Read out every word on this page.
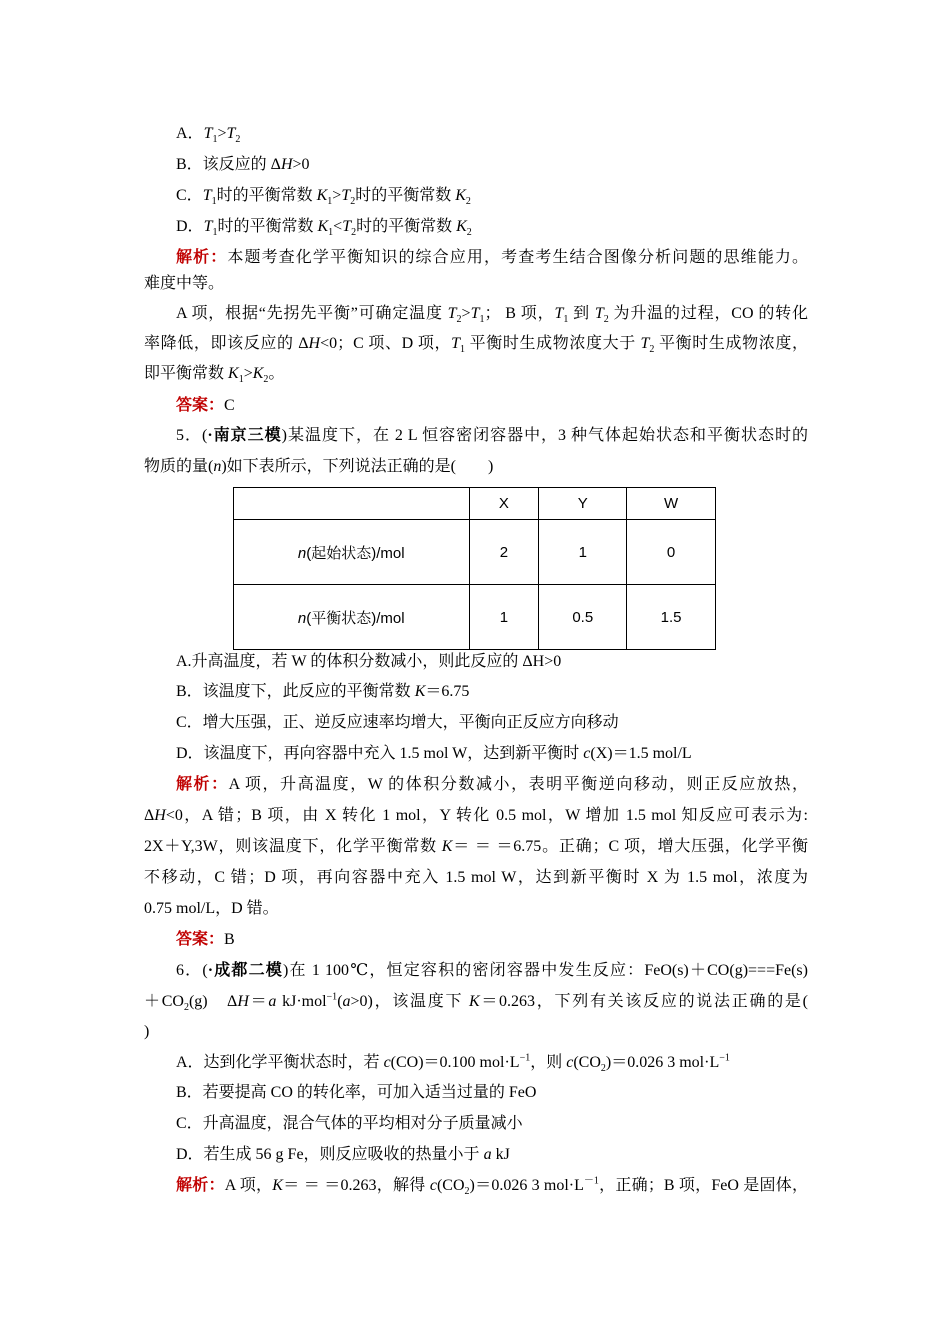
A．$T_1>T_2$
B．该反应的 ΔH>0
C．$T_1$时的平衡常数 $K_1>T_2$时的平衡常数 $K_2$
D．$T_1$时的平衡常数 $K_1<T_2$时的平衡常数 $K_2$
解析：本题考查化学平衡知识的综合应用，考查考生结合图像分析问题的思维能力。
难度中等。
A 项，根据“先拐先平衡”可确定温度 $T_2>T_1$； B 项，$T_1$ 到 $T_2$ 为升温的过程，CO 的转化
率降低，即该反应的 ΔH<0；C 项、D 项，$T_1$ 平衡时生成物浓度大于 $T_2$ 平衡时生成物浓度，
即平衡常数 $K_1>K_2$。
答案：C
5．(·南京三模)某温度下，在 2 L 恒容密闭容器中，3 种气体起始状态和平衡状态时的
物质的量(n)如下表所示，下列说法正确的是(　　)
	X	Y	W
n(起始状态)/mol	2	1	0
n(平衡状态)/mol	1	0.5	1.5
A.升高温度，若 W 的体积分数减小，则此反应的 ΔH>0
B．该温度下，此反应的平衡常数 K＝6.75
C．增大压强，正、逆反应速率均增大，平衡向正反应方向移动
D．该温度下，再向容器中充入 1.5 mol W，达到新平衡时 c(X)＝1.5 mol/L
解析：A 项，升高温度，W 的体积分数减小，表明平衡逆向移动，则正反应放热，
ΔH<0，A 错；B 项，由 X 转化 1 mol，Y 转化 0.5 mol，W 增加 1.5 mol 知反应可表示为:
2X＋Y,3W，则该温度下，化学平衡常数 K＝ ＝ ＝6.75。正确；C 项，增大压强，化学平衡
不移动，C 错；D 项，再向容器中充入 1.5 mol W，达到新平衡时 X 为 1.5 mol，浓度为
0.75 mol/L，D 错。
答案：B
6．(·成都二模)在 1 100℃，恒定容积的密闭容器中发生反应：FeO(s)＋CO(g)===Fe(s)
$+CO_2(g)$　ΔH＝a kJ·mol$^{-1}$(a>0)，该温度下 K＝0.263，下列有关该反应的说法正确的是(
)
A．达到化学平衡状态时，若 c(CO)＝0.100 $mol\cdot L^{-1}$，则 $c(CO_2)=0.026$ 3 $mol\cdot L^{-1}$
B．若要提高 CO 的转化率，可加入适当过量的 FeO
C．升高温度，混合气体的平均相对分子质量减小
D．若生成 56 g Fe，则反应吸收的热量小于 a kJ
解析：A 项，K＝ ＝ ＝0.263，解得 $c(CO_2)=0.026$ 3 $mol\cdot L^{-1}$，正确；B 项，FeO 是固体，
